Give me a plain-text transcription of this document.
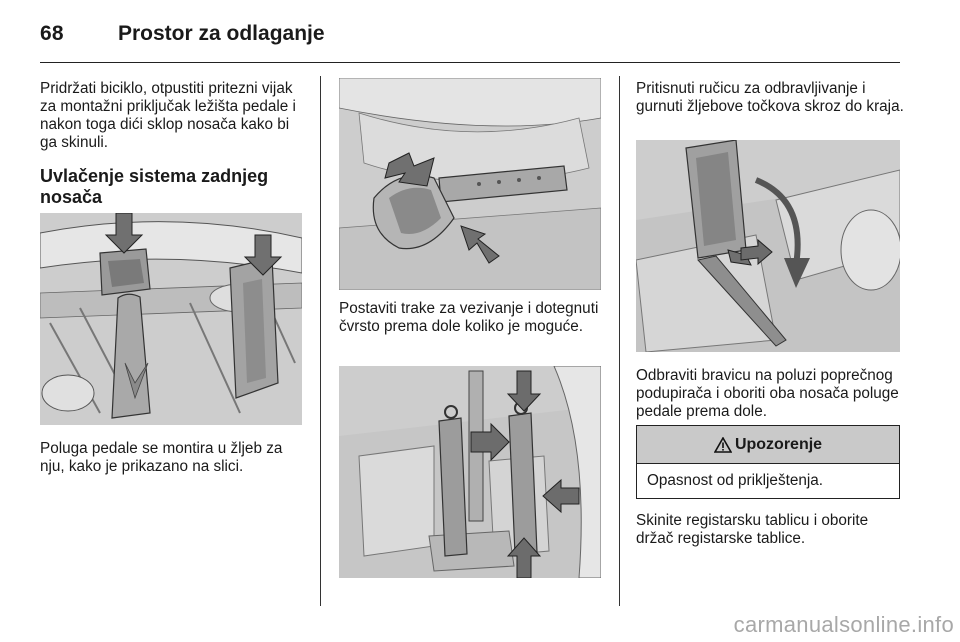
68	Prostor za odlaganje
Pridržati biciklo, otpustiti pritezni vijak za montažni priključak ležišta pedale i nakon toga dići sklop nosača kako bi ga skinuli.
Uvlačenje sistema zadnjeg nosača
Poluga pedale se montira u žljeb za nju, kako je prikazano na slici.
Postaviti trake za vezivanje i dotegnuti čvrsto prema dole koliko je moguće.
Pritisnuti ručicu za odbravljivanje i gurnuti žljebove točkova skroz do kraja.
Odbraviti bravicu na poluzi poprečnog podupirača i oboriti oba nosača poluge pedale prema dole.
Upozorenje
Opasnost od priklještenja.
Skinite registarsku tablicu i oborite držač registarske tablice.
carmanualsonline.info
